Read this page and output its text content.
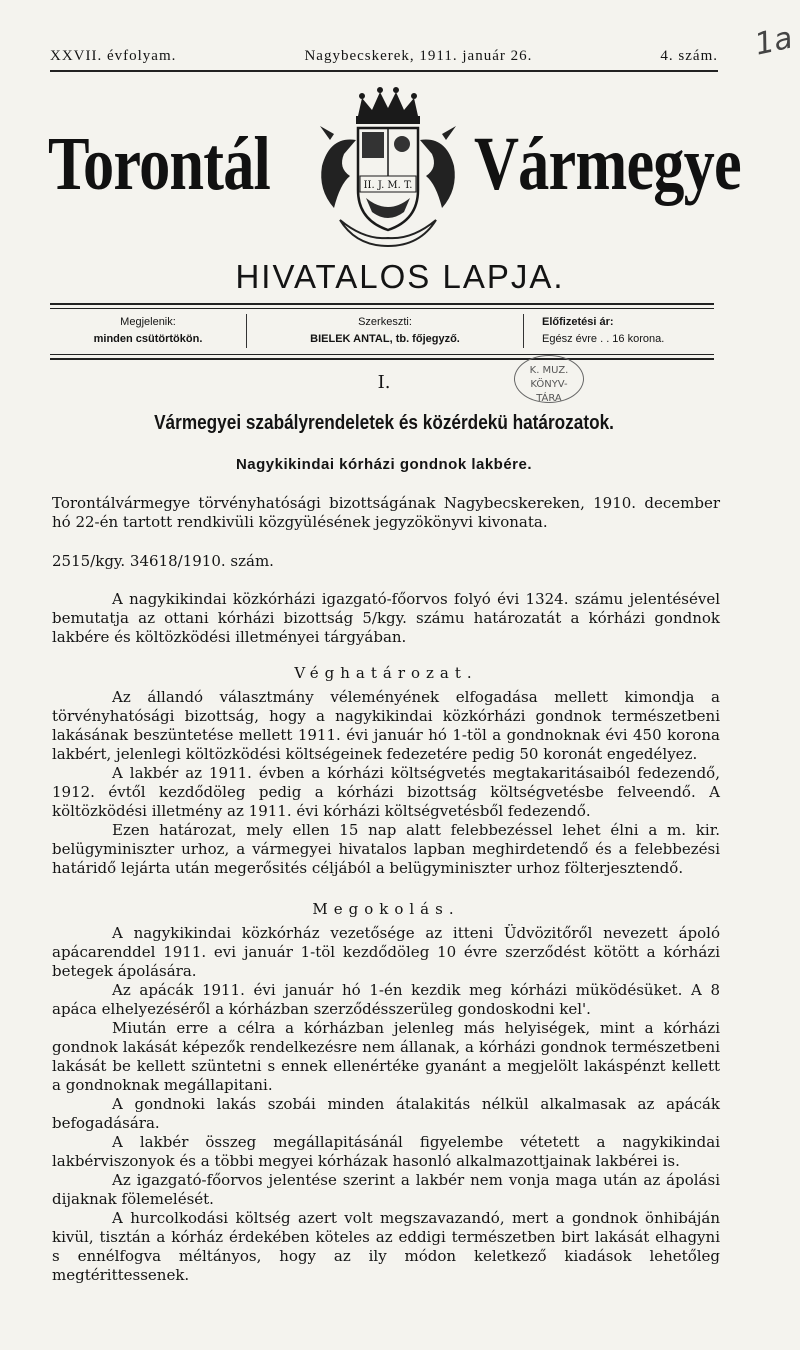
XXVII. évfolyam.	Nagybecskerek, 1911. január 26.	4. szám. 1a
Torontál	II. J. M. T. Vármegye
HIVATALOS LAPJA.
Megjelenik:
minden csütörtökön.
Szerkeszti:
BIELEK ANTAL, tb. főjegyző.
Előfizetési ár:
Egész évre . . 16 korona.
K. MUZ.
KÖNYV-
TÁRA
I.
Vármegyei szabályrendeletek és közérdekü határozatok.
Nagykikindai kórházi gondnok lakbére.

Torontálvármegye törvényhatósági bizottságának Nagybecskereken, 1910. december hó 22-én tartott rendkivüli közgyülésének jegyzökönyvi kivonata.

2515/kgy. 34618/1910. szám.

A nagykikindai közkórházi igazgató-főorvos folyó évi 1324. számu jelentésével bemutatja az ottani kórházi bizottság 5/kgy. számu határozatát a kórházi gondnok lakbére és költözködési illetményei tárgyában.

Véghatározat.

Az állandó választmány véleményének elfogadása mellett kimondja a törvényhatósági bizottság, hogy a nagykikindai közkórházi gondnok természetbeni lakásának beszüntetése mellett 1911. évi január hó 1-töl a gondnoknak évi 450 korona lakbért, jelenlegi költözködési költségeinek fedezetére pedig 50 koronát engedélyez.

A lakbér az 1911. évben a kórházi költségvetés megtakaritásaiból fedezendő, 1912. évtől kezdődöleg pedig a kórházi bizottság költségvetésbe felveendő. A költözködési illetmény az 1911. évi kórházi költségvetésből fedezendő.

Ezen határozat, mely ellen 15 nap alatt felebbezéssel lehet élni a m. kir. belügyminiszter urhoz, a vármegyei hivatalos lapban meghirdetendő és a felebbezési határidő lejárta után megerősités céljából a belügyminiszter urhoz fölterjesztendő.

Megokolás.

A nagykikindai közkórház vezetősége az itteni Üdvözitőről nevezett ápoló apácarenddel 1911. evi január 1-töl kezdődöleg 10 évre szerződést kötött a kórházi betegek ápolására.

Az apácák 1911. évi január hó 1-én kezdik meg kórházi müködésüket. A 8 apáca elhelyezéséről a kórházban szerződésszerüleg gondoskodni kel'.

Miután erre a célra a kórházban jelenleg más helyiségek, mint a kórházi gondnok lakását képezők rendelkezésre nem állanak, a kórházi gondnok természetbeni lakását be kellett szüntetni s ennek ellenértéke gyanánt a megjelölt lakáspénzt kellett a gondnoknak megállapitani.

A gondnoki lakás szobái minden átalakitás nélkül alkalmasak az apácák befogadására.

A lakbér összeg megállapitásánál figyelembe vétetett a nagykikindai lakbérviszonyok és a többi megyei kórházak hasonló alkalmazottjainak lakbérei is.

Az igazgató-főorvos jelentése szerint a lakbér nem vonja maga után az ápolási dijaknak fölemelését.

A hurcolkodási költség azert volt megszavazandó, mert a gondnok önhibáján kivül, tisztán a kórház érdekében köteles az eddigi természetben birt lakását elhagyni s ennélfogva méltányos, hogy az ily módon keletkező kiadások lehetőleg megtérittessenek.
